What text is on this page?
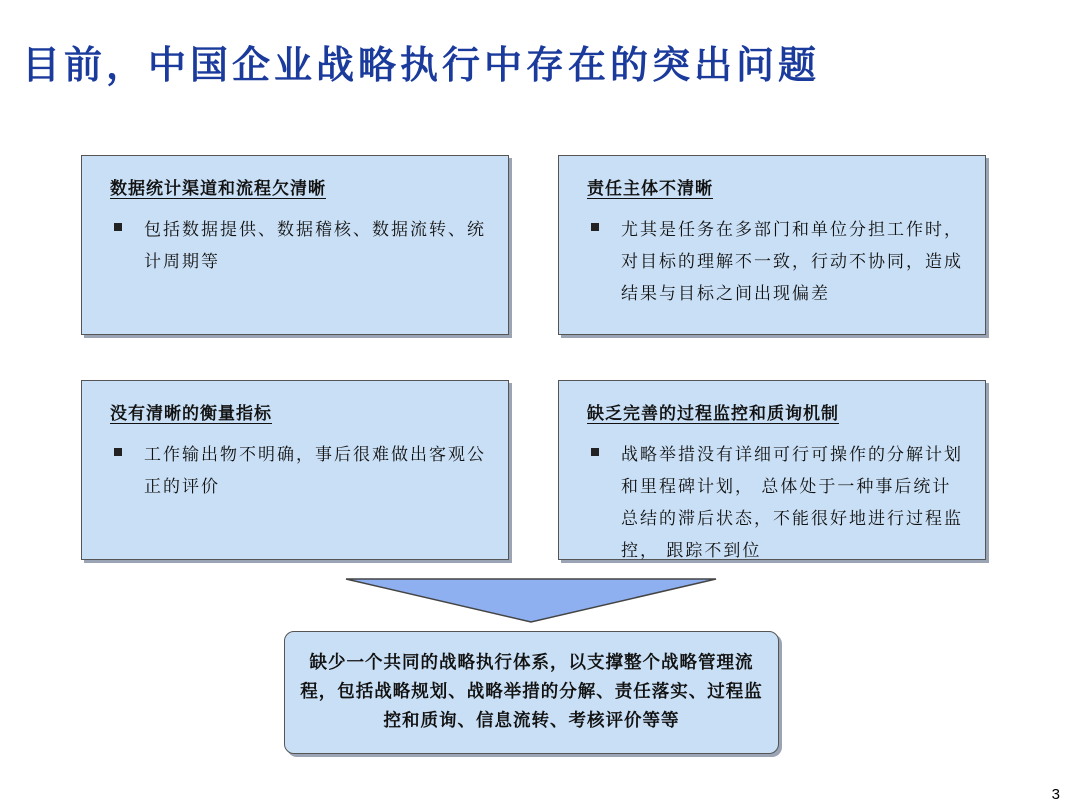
目前，中国企业战略执行中存在的突出问题
数据统计渠道和流程欠清晰
包括数据提供、数据稽核、数据流转、统计周期等
责任主体不清晰
尤其是任务在多部门和单位分担工作时，对目标的理解不一致，行动不协同，造成结果与目标之间出现偏差
没有清晰的衡量指标
工作输出物不明确，事后很难做出客观公正的评价
缺乏完善的过程监控和质询机制
战略举措没有详细可行可操作的分解计划和里程碑计划， 总体处于一种事后统计总结的滞后状态，不能很好地进行过程监控， 跟踪不到位
缺少一个共同的战略执行体系，以支撑整个战略管理流程，包括战略规划、战略举措的分解、责任落实、过程监控和质询、信息流转、考核评价等等
3
